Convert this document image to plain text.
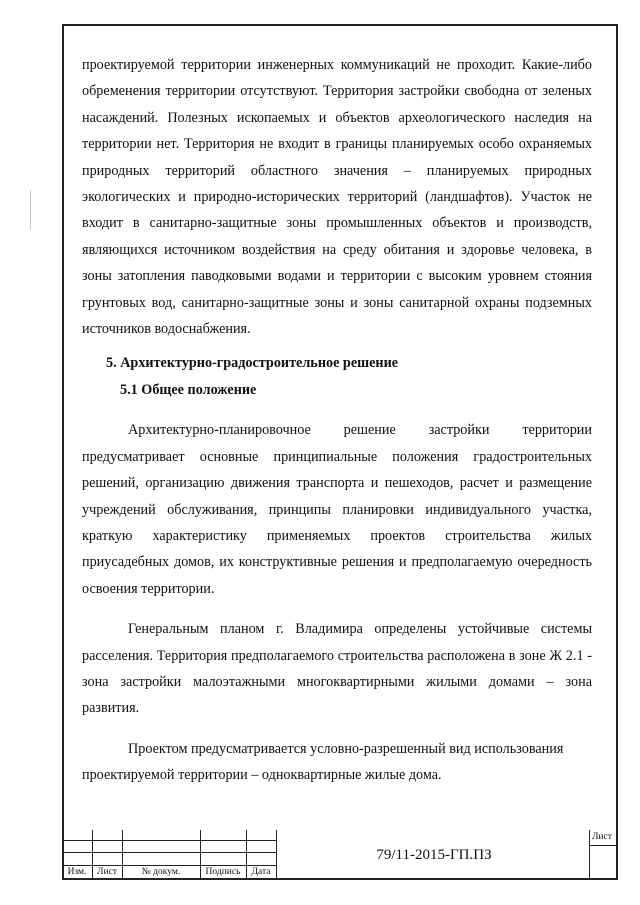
проектируемой территории инженерных коммуникаций не проходит. Какие-либо обременения территории отсутствуют. Территория застройки свободна от зеленых насаждений. Полезных ископаемых и объектов археологического наследия на территории нет. Территория не входит в границы планируемых особо охраняемых природных территорий областного значения – планируемых природных экологических и природно-исторических территорий (ландшафтов). Участок не входит в санитарно-защитные зоны промышленных объектов и производств, являющихся источником воздействия на среду обитания и здоровье человека, в зоны затопления паводковыми водами и территории с высоким уровнем стояния грунтовых вод, санитарно-защитные зоны и зоны санитарной охраны подземных источников водоснабжения.

5. Архитектурно-градостроительное решение

5.1 Общее положение

Архитектурно-планировочное решение застройки территории предусматривает основные принципиальные положения градостроительных решений, организацию движения транспорта и пешеходов, расчет и размещение учреждений обслуживания, принципы планировки индивидуального участка, краткую характеристику применяемых проектов строительства жилых приусадебных домов, их конструктивные решения и предполагаемую очередность освоения территории.

Генеральным планом г. Владимира определены устойчивые системы расселения. Территория предполагаемого строительства расположена в зоне Ж 2.1 - зона застройки малоэтажными многоквартирными жилыми домами – зона развития.

Проектом предусматривается условно-разрешенный вид использования проектируемой территории – одноквартирные жилые дома.

Изм.	Лист	№ докум.	Подпись	Дата
79/11-2015-ГП.ПЗ
Лист
